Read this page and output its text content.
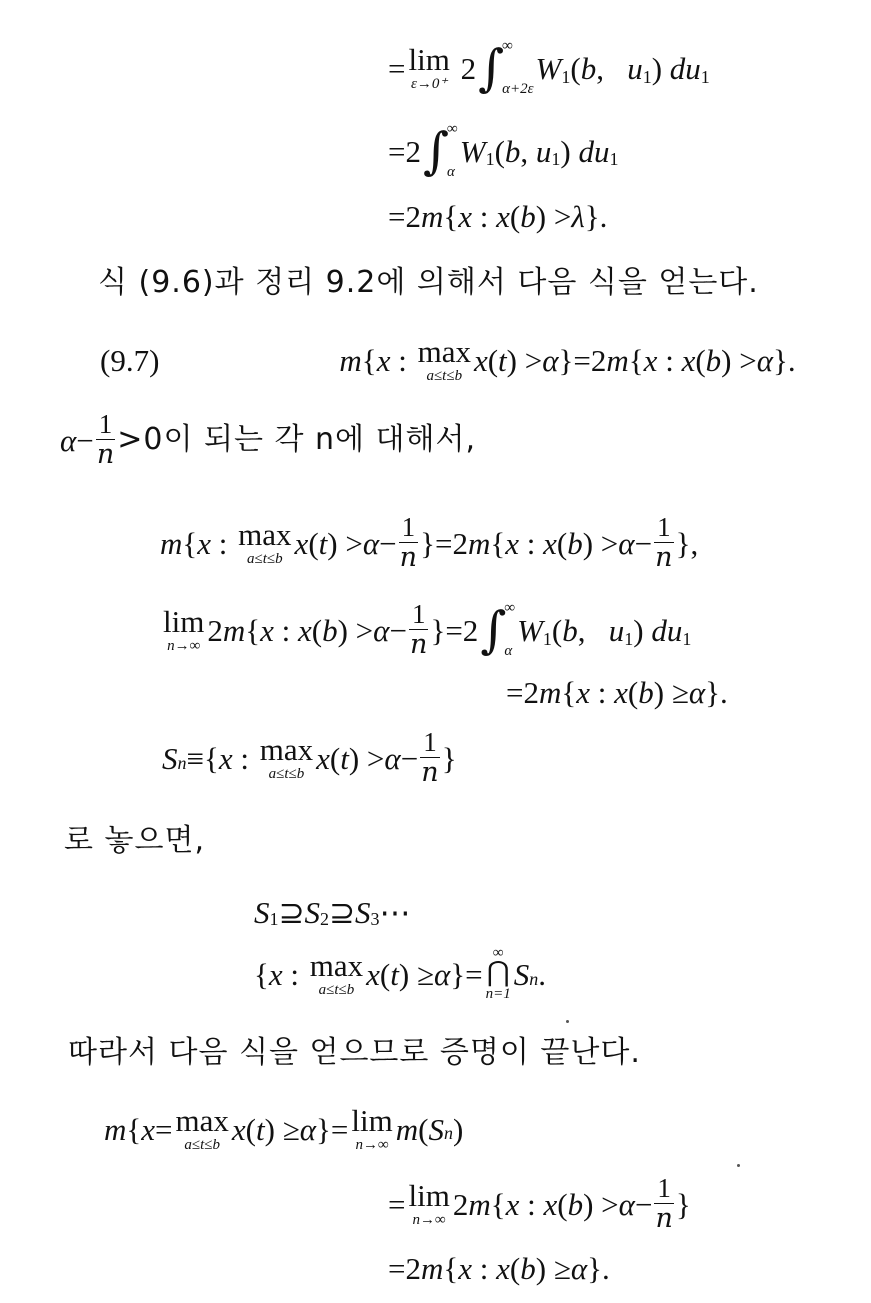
= lim
ε→0⁺ 2 ∫
∞
α+2ε
W 1 ( b , u 1 ) du 1
=2 ∫
∞
α
W 1 ( b , u 1 ) du 1
=2 m { x : x ( b ) > λ }.
식 (9.6)과 정리 9.2에 의해서 다음 식을 얻는다.
(9.7)	m { x : max
a≤t≤b x ( t ) > α }=2 m { x : x ( b ) > α }.
$\alpha - \frac{1}{n} >0$이 되는 각 n에 대해서,
m { x : max
a≤t≤b x ( t ) > $\alpha - \frac{1}{n} \}=2$ m { x : x ( b ) > $\alpha - \frac{1}{n}$ },
lim
n→∞ 2 m { x : x ( b ) > $\alpha - \frac{1}{n} \}=2$ ∫
∞
α
W 1 ( b , u 1 ) du 1
=2 m { x : x ( b ) ≥ α }.
S n ≡{ x : max
a≤t≤b x ( t ) > $\alpha - \frac{1}{n}$ }
로 놓으면,
S 1 ⊇ S 2 ⊇ S 3 ⋯
{ x : max
a≤t≤b x ( t ) ≥ α }=
∞
⋂
n=1
S n .
따라서 다음 식을 얻으므로 증명이 끝난다.
m { x = max
a≤t≤b x ( t ) ≥ α }= lim
n→∞ m ( S n )
= lim
n→∞ 2 m { x : x ( b ) > $\alpha - \frac{1}{n}$ }
=2 m { x : x ( b ) ≥ α }.
